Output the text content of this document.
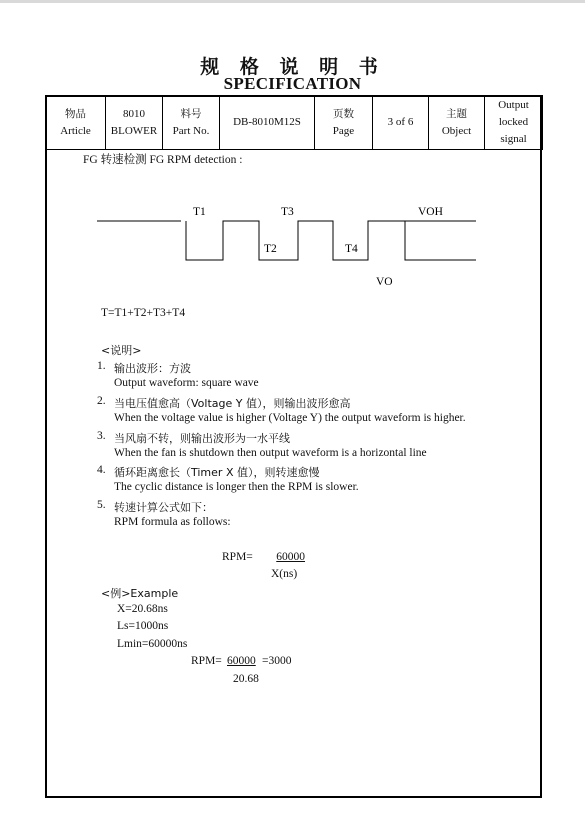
规 格 说 明 书
SPECIFICATION
物品
Article

8010
BLOWER

料号
Part No.

DB-8010M12S

页数
Page

3 of 6

主题
Object

Output
locked
signal
FG 转速检测 FG RPM detection :
T1	T3	VOH
T2	T4
VO
T=T1+T2+T3+T4
<说明>
1. 输出波形：方波
Output waveform: square wave
2. 当电压值愈高（Voltage Y 值），则输出波形愈高
When the voltage value is higher (Voltage Y) the output waveform is higher.
3. 当风扇不转，则输出波形为一水平线
When the fan is shutdown then output waveform is a horizontal line
4. 循环距离愈长（Timer X 值），则转速愈慢
The cyclic distance is longer then the RPM is slower.
5. 转速计算公式如下：
RPM formula as follows:
RPM=	60000
X(ns)
<例>Example
X=20.68ns
Ls=1000ns
Lmin=60000ns
RPM= 60000 =3000
20.68
